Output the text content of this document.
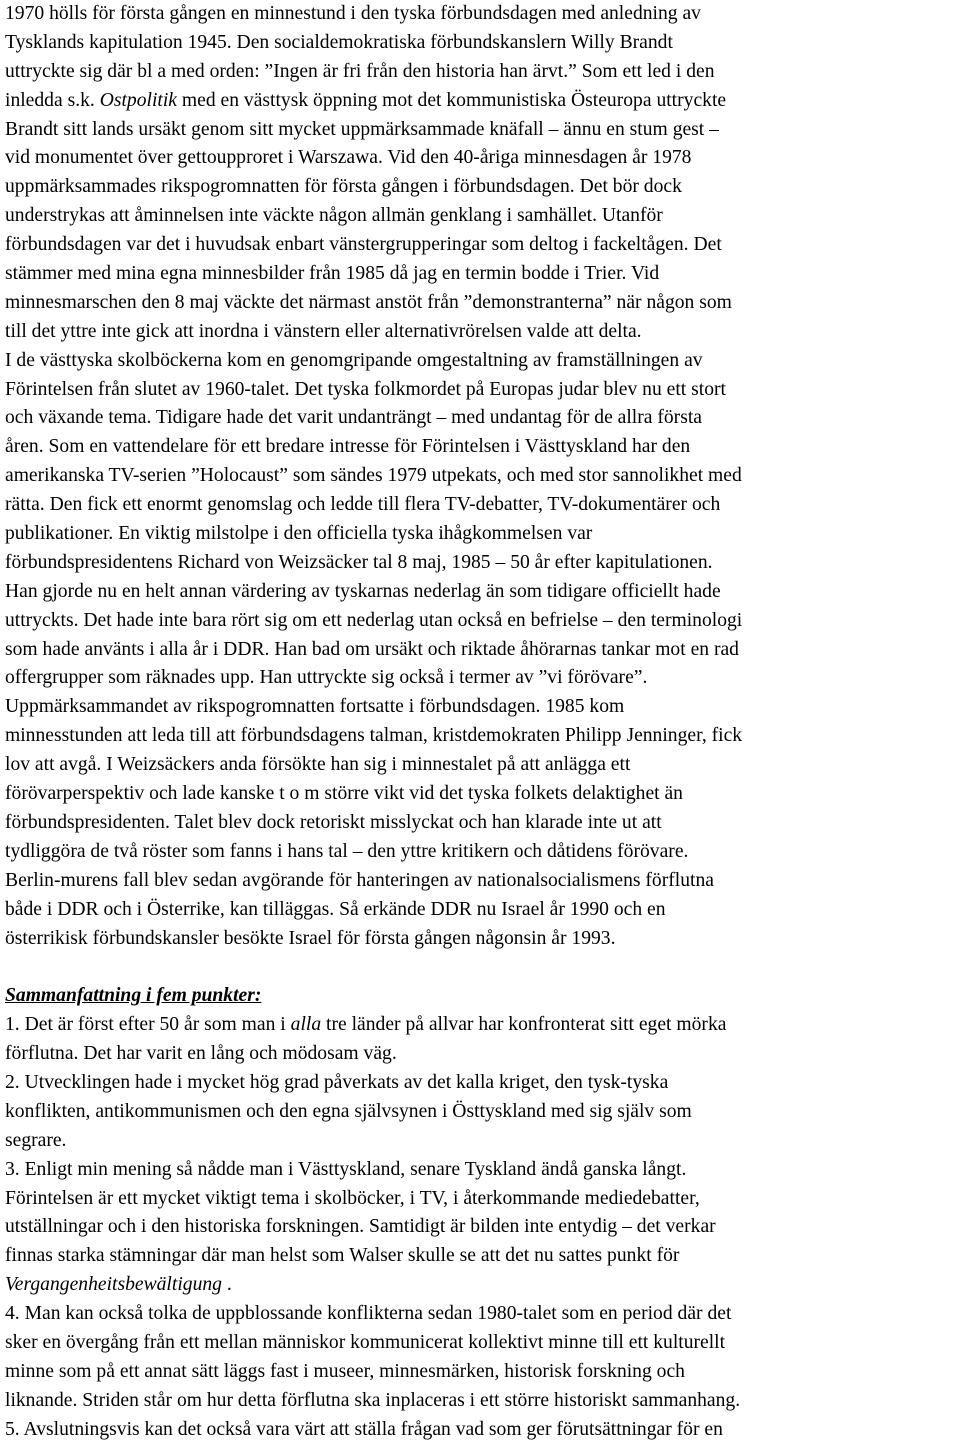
1970 hölls för första gången en minnestund i den tyska förbundsdagen med anledning av
Tysklands kapitulation 1945. Den socialdemokratiska förbundskanslern Willy Brandt
uttryckte sig där bl a med orden: ”Ingen är fri från den historia han ärvt.” Som ett led i den
inledda s.k. Ostpolitik med en västtysk öppning mot det kommunistiska Östeuropa uttryckte
Brandt sitt lands ursäkt genom sitt mycket uppmärksammade knäfall – ännu en stum gest –
vid monumentet över gettoupproret i Warszawa. Vid den 40-åriga minnesdagen år 1978
uppmärksammades rikspogromnatten för första gången i förbundsdagen. Det bör dock
understrykas att åminnelsen inte väckte någon allmän genklang i samhället. Utanför
förbundsdagen var det i huvudsak enbart vänstergrupperingar som deltog i fackeltågen. Det
stämmer med mina egna minnesbilder från 1985 då jag en termin bodde i Trier. Vid
minnesmarschen den 8 maj väckte det närmast anstöt från ”demonstranterna” när någon som
till det yttre inte gick att inordna i vänstern eller alternativrörelsen valde att delta.
I de västtyska skolböckerna kom en genomgripande omgestaltning av framställningen av
Förintelsen från slutet av 1960-talet. Det tyska folkmordet på Europas judar blev nu ett stort
och växande tema. Tidigare hade det varit undanträngt – med undantag för de allra första
åren. Som en vattendelare för ett bredare intresse för Förintelsen i Västtyskland har den
amerikanska TV-serien ”Holocaust” som sändes 1979 utpekats, och med stor sannolikhet med
rätta. Den fick ett enormt genomslag och ledde till flera TV-debatter, TV-dokumentärer och
publikationer. En viktig milstolpe i den officiella tyska ihågkommelsen var
förbundspresidentens Richard von Weizsäcker tal 8 maj, 1985 – 50 år efter kapitulationen.
Han gjorde nu en helt annan värdering av tyskarnas nederlag än som tidigare officiellt hade
uttryckts. Det hade inte bara rört sig om ett nederlag utan också en befrielse – den terminologi
som hade använts i alla år i DDR. Han bad om ursäkt och riktade åhörarnas tankar mot en rad
offergrupper som räknades upp. Han uttryckte sig också i termer av ”vi förövare”.
Uppmärksammandet av rikspogromnatten fortsatte i förbundsdagen. 1985 kom
minnesstunden att leda till att förbundsdagens talman, kristdemokraten Philipp Jenninger, fick
lov att avgå. I Weizsäckers anda försökte han sig i minnestalet på att anlägga ett
förövarperspektiv och lade kanske t o m större vikt vid det tyska folkets delaktighet än
förbundspresidenten. Talet blev dock retoriskt misslyckat och han klarade inte ut att
tydliggöra de två röster som fanns i hans tal – den yttre kritikern och dåtidens förövare.
Berlin-murens fall blev sedan avgörande för hanteringen av nationalsocialismens förflutna
både i DDR och i Österrike, kan tilläggas. Så erkände DDR nu Israel år 1990 och en
österrikisk förbundskansler besökte Israel för första gången någonsin år 1993.
Sammanfattning i fem punkter:
1. Det är först efter 50 år som man i alla tre länder på allvar har konfronterat sitt eget mörka
förflutna. Det har varit en lång och mödosam väg.
2. Utvecklingen hade i mycket hög grad påverkats av det kalla kriget, den tysk-tyska
konflikten, antikommunismen och den egna självsynen i Östtyskland med sig själv som
segrare.
3. Enligt min mening så nådde man i Västtyskland, senare Tyskland ändå ganska långt.
Förintelsen är ett mycket viktigt tema i skolböcker, i TV, i återkommande mediedebatter,
utställningar och i den historiska forskningen. Samtidigt är bilden inte entydig – det verkar
finnas starka stämningar där man helst som Walser skulle se att det nu sattes punkt för
Vergangenheitsbewältigung .
4. Man kan också tolka de uppblossande konflikterna sedan 1980-talet som en period där det
sker en övergång från ett mellan människor kommunicerat kollektivt minne till ett kulturellt
minne som på ett annat sätt läggs fast i museer, minnesmärken, historisk forskning och
liknande. Striden står om hur detta förflutna ska inplaceras i ett större historiskt sammanhang.
5. Avslutningsvis kan det också vara värt att ställa frågan vad som ger förutsättningar för en
